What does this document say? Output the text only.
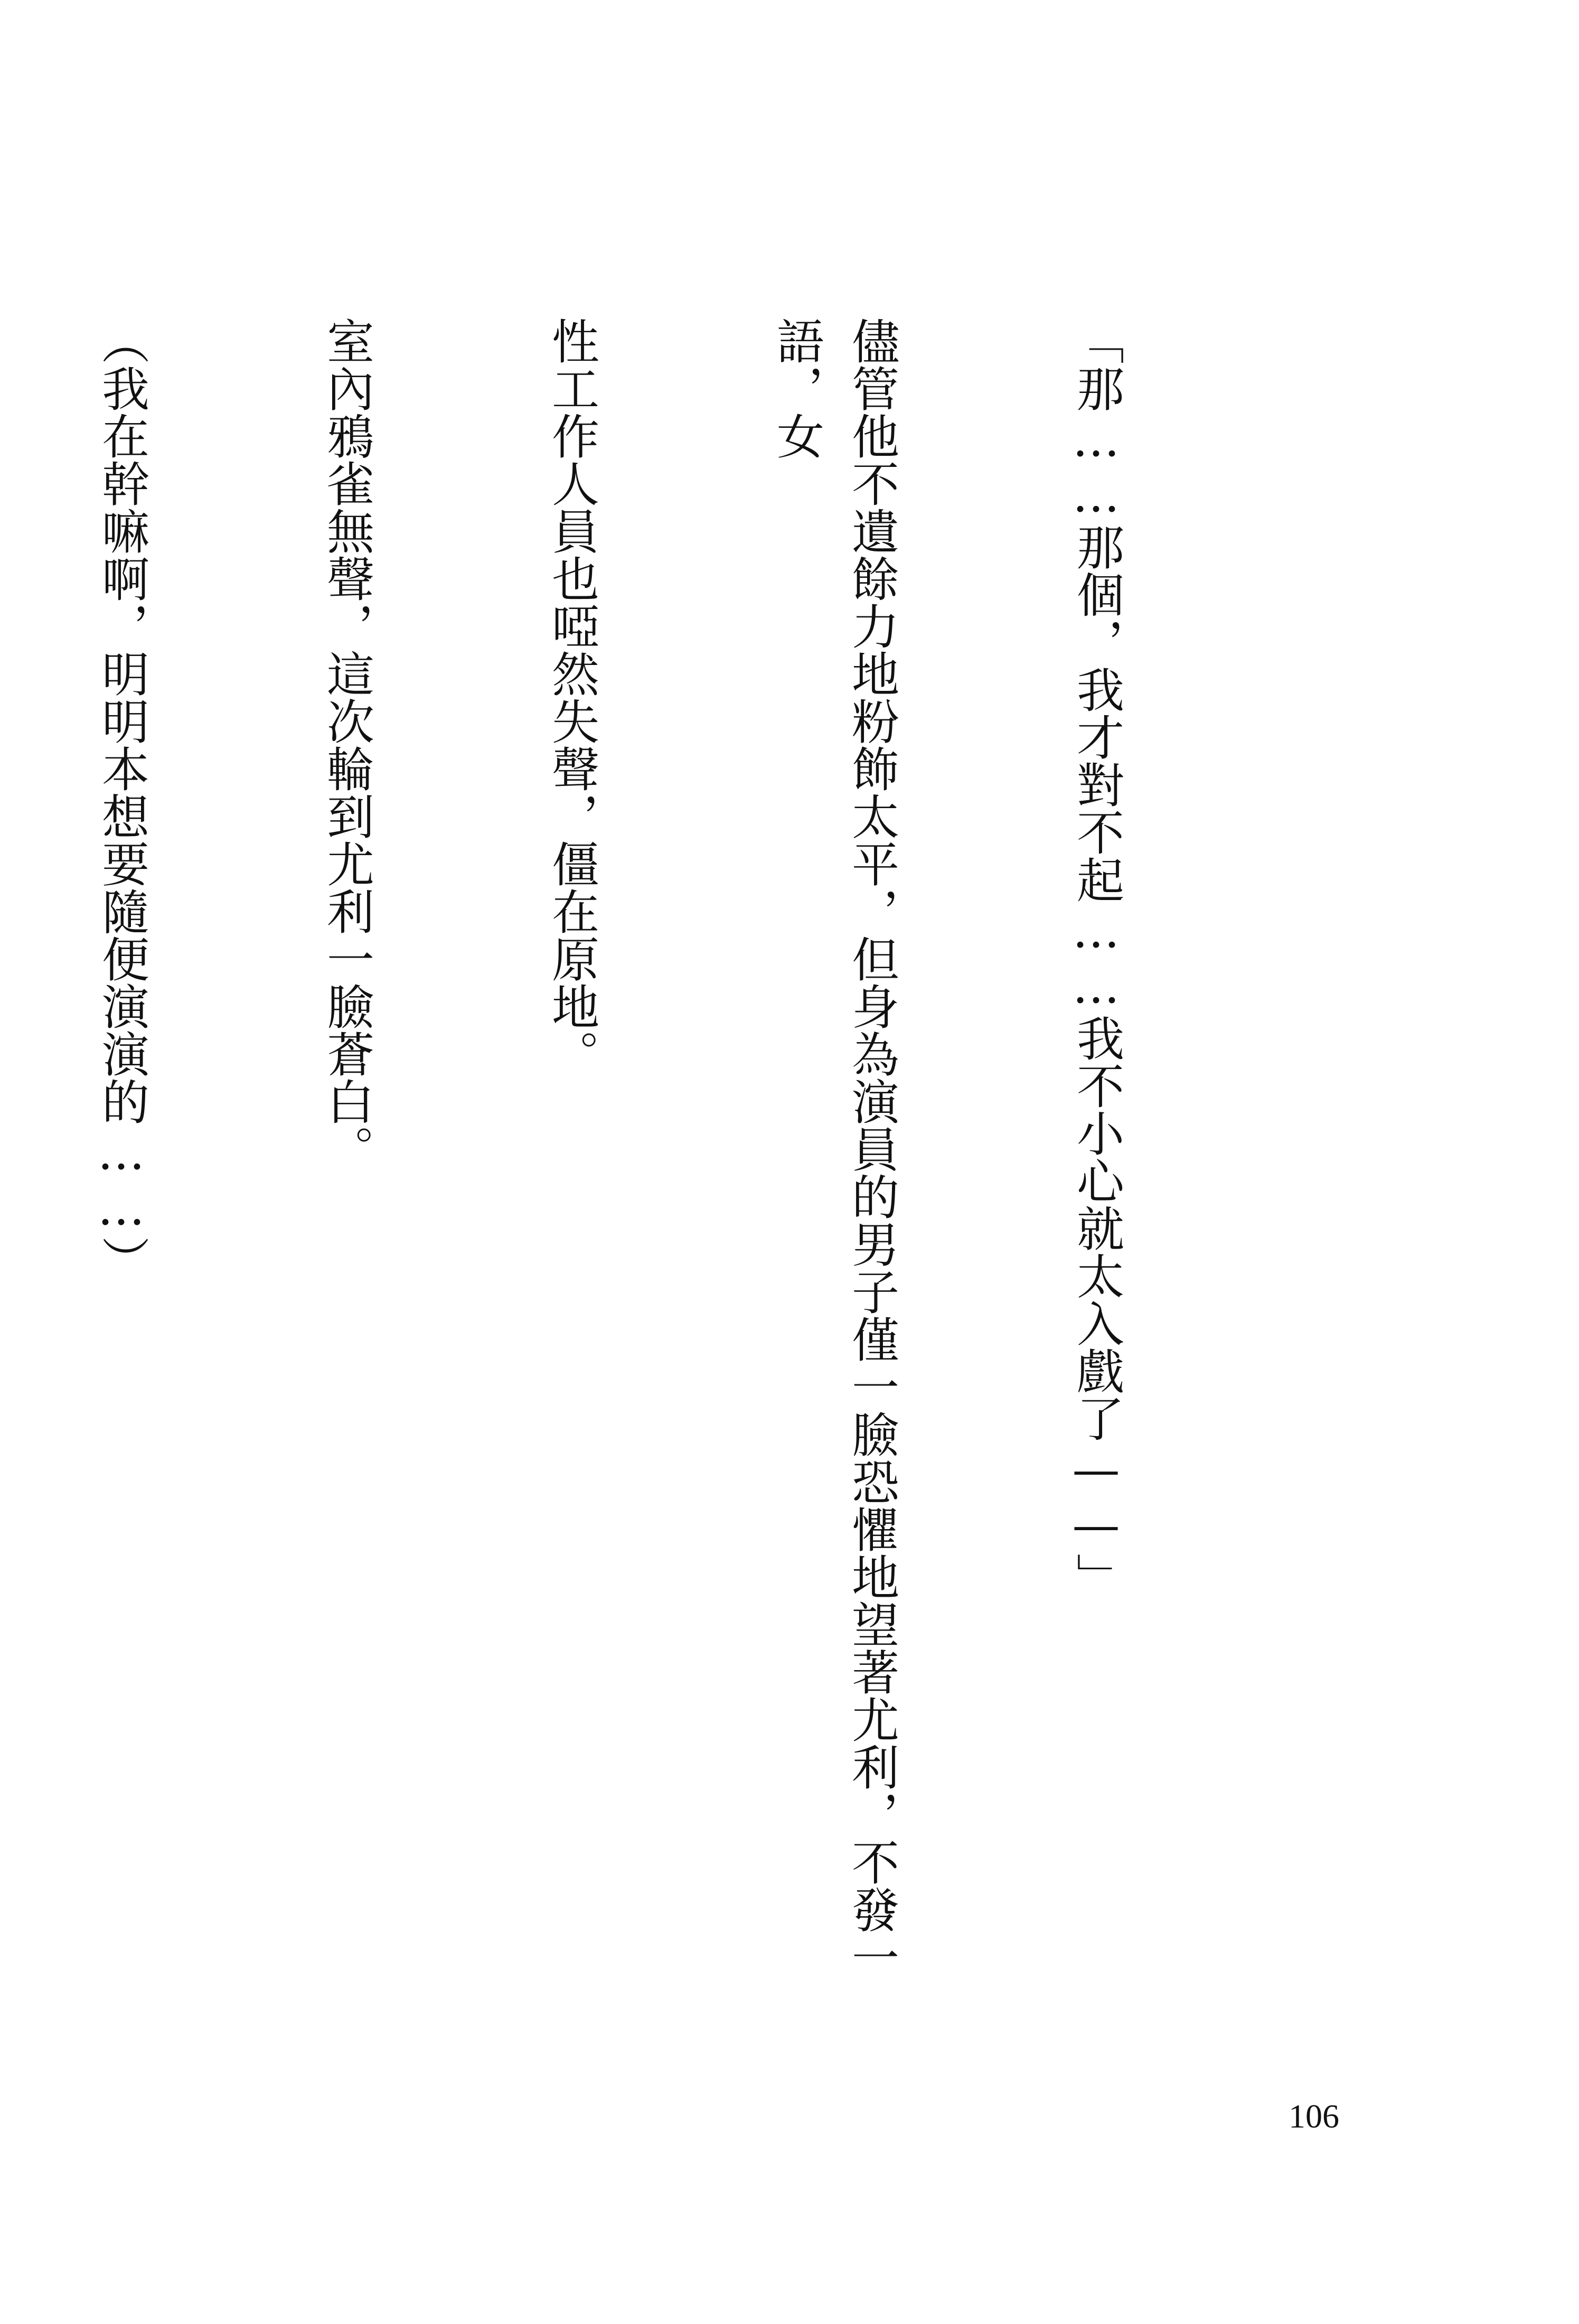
「那……那個，我才對不起……我不小心就太入戲了——」

儘管他不遺餘力地粉飾太平，但身為演員的男子僅一臉恐懼地望著尤利，不發一語，女

性工作人員也啞然失聲，僵在原地。

室內鴉雀無聲，這次輪到尤利一臉蒼白。

（我在幹嘛啊，明明本想要隨便演演的……）

106
